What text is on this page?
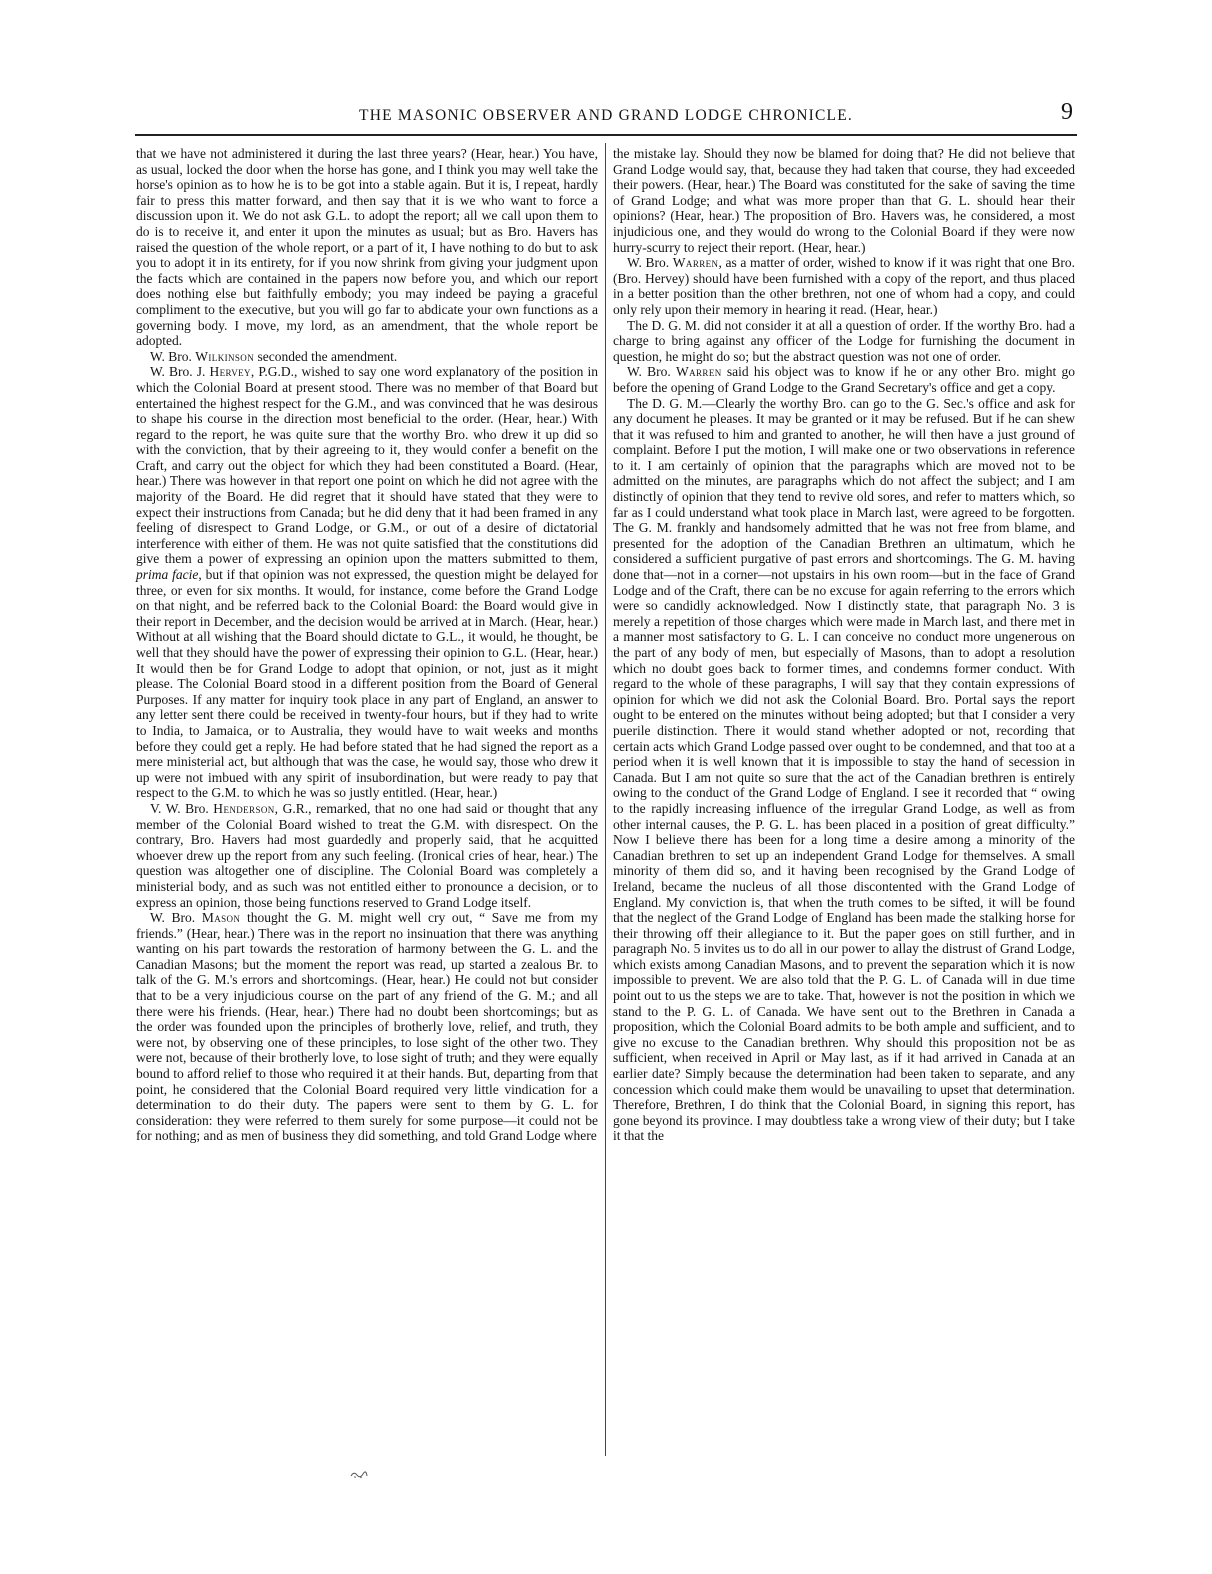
THE MASONIC OBSERVER AND GRAND LODGE CHRONICLE.	9

that we have not administered it during the last three years? (Hear, hear.) You have, as usual, locked the door when the horse has gone, and I think you may well take the horse's opinion as to how he is to be got into a stable again. But it is, I repeat, hardly fair to press this matter forward, and then say that it is we who want to force a discussion upon it. We do not ask G.L. to adopt the report; all we call upon them to do is to receive it, and enter it upon the minutes as usual; but as Bro. Havers has raised the question of the whole report, or a part of it, I have nothing to do but to ask you to adopt it in its entirety, for if you now shrink from giving your judgment upon the facts which are contained in the papers now before you, and which our report does nothing else but faithfully embody; you may indeed be paying a graceful compliment to the executive, but you will go far to abdicate your own functions as a governing body. I move, my lord, as an amendment, that the whole report be adopted.

W. Bro. Wilkinson seconded the amendment.

W. Bro. J. Hervey, P.G.D., wished to say one word explanatory of the position in which the Colonial Board at present stood. There was no member of that Board but entertained the highest respect for the G.M., and was convinced that he was desirous to shape his course in the direction most beneficial to the order. (Hear, hear.) With regard to the report, he was quite sure that the worthy Bro. who drew it up did so with the conviction, that by their agreeing to it, they would confer a benefit on the Craft, and carry out the object for which they had been constituted a Board. (Hear, hear.) There was however in that report one point on which he did not agree with the majority of the Board. He did regret that it should have stated that they were to expect their instructions from Canada; but he did deny that it had been framed in any feeling of disrespect to Grand Lodge, or G.M., or out of a desire of dictatorial interference with either of them. He was not quite satisfied that the constitutions did give them a power of expressing an opinion upon the matters submitted to them, prima facie, but if that opinion was not expressed, the question might be delayed for three, or even for six months. It would, for instance, come before the Grand Lodge on that night, and be referred back to the Colonial Board: the Board would give in their report in December, and the decision would be arrived at in March. (Hear, hear.) Without at all wishing that the Board should dictate to G.L., it would, he thought, be well that they should have the power of expressing their opinion to G.L. (Hear, hear.) It would then be for Grand Lodge to adopt that opinion, or not, just as it might please. The Colonial Board stood in a different position from the Board of General Purposes. If any matter for inquiry took place in any part of England, an answer to any letter sent there could be received in twenty-four hours, but if they had to write to India, to Jamaica, or to Australia, they would have to wait weeks and months before they could get a reply. He had before stated that he had signed the report as a mere ministerial act, but although that was the case, he would say, those who drew it up were not imbued with any spirit of insubordination, but were ready to pay that respect to the G.M. to which he was so justly entitled. (Hear, hear.)

V. W. Bro. Henderson, G.R., remarked, that no one had said or thought that any member of the Colonial Board wished to treat the G.M. with disrespect. On the contrary, Bro. Havers had most guardedly and properly said, that he acquitted whoever drew up the report from any such feeling. (Ironical cries of hear, hear.) The question was altogether one of discipline. The Colonial Board was completely a ministerial body, and as such was not entitled either to pronounce a decision, or to express an opinion, those being functions reserved to Grand Lodge itself.

W. Bro. Mason thought the G. M. might well cry out, “ Save me from my friends.” (Hear, hear.) There was in the report no insinuation that there was anything wanting on his part towards the restoration of harmony between the G. L. and the Canadian Masons; but the moment the report was read, up started a zealous Br. to talk of the G. M.'s errors and shortcomings. (Hear, hear.) He could not but consider that to be a very injudicious course on the part of any friend of the G. M.; and all there were his friends. (Hear, hear.) There had no doubt been shortcomings; but as the order was founded upon the principles of brotherly love, relief, and truth, they were not, by observing one of these principles, to lose sight of the other two. They were not, because of their brotherly love, to lose sight of truth; and they were equally bound to afford relief to those who required it at their hands. But, departing from that point, he considered that the Colonial Board required very little vindication for a determination to do their duty. The papers were sent to them by G. L. for consideration: they were referred to them surely for some purpose—it could not be for nothing; and as men of business they did something, and told Grand Lodge where

the mistake lay. Should they now be blamed for doing that? He did not believe that Grand Lodge would say, that, because they had taken that course, they had exceeded their powers. (Hear, hear.) The Board was constituted for the sake of saving the time of Grand Lodge; and what was more proper than that G. L. should hear their opinions? (Hear, hear.) The proposition of Bro. Havers was, he considered, a most injudicious one, and they would do wrong to the Colonial Board if they were now hurry-scurry to reject their report. (Hear, hear.)

W. Bro. Warren, as a matter of order, wished to know if it was right that one Bro. (Bro. Hervey) should have been furnished with a copy of the report, and thus placed in a better position than the other brethren, not one of whom had a copy, and could only rely upon their memory in hearing it read. (Hear, hear.)

The D. G. M. did not consider it at all a question of order. If the worthy Bro. had a charge to bring against any officer of the Lodge for furnishing the document in question, he might do so; but the abstract question was not one of order.

W. Bro. Warren said his object was to know if he or any other Bro. might go before the opening of Grand Lodge to the Grand Secretary's office and get a copy.

The D. G. M.—Clearly the worthy Bro. can go to the G. Sec.'s office and ask for any document he pleases. It may be granted or it may be refused. But if he can shew that it was refused to him and granted to another, he will then have a just ground of complaint. Before I put the motion, I will make one or two observations in reference to it. I am certainly of opinion that the paragraphs which are moved not to be admitted on the minutes, are paragraphs which do not affect the subject; and I am distinctly of opinion that they tend to revive old sores, and refer to matters which, so far as I could understand what took place in March last, were agreed to be forgotten. The G. M. frankly and handsomely admitted that he was not free from blame, and presented for the adoption of the Canadian Brethren an ultimatum, which he considered a sufficient purgative of past errors and shortcomings. The G. M. having done that—not in a corner—not upstairs in his own room—but in the face of Grand Lodge and of the Craft, there can be no excuse for again referring to the errors which were so candidly acknowledged. Now I distinctly state, that paragraph No. 3 is merely a repetition of those charges which were made in March last, and there met in a manner most satisfactory to G. L. I can conceive no conduct more ungenerous on the part of any body of men, but especially of Masons, than to adopt a resolution which no doubt goes back to former times, and condemns former conduct. With regard to the whole of these paragraphs, I will say that they contain expressions of opinion for which we did not ask the Colonial Board. Bro. Portal says the report ought to be entered on the minutes without being adopted; but that I consider a very puerile distinction. There it would stand whether adopted or not, recording that certain acts which Grand Lodge passed over ought to be condemned, and that too at a period when it is well known that it is impossible to stay the hand of secession in Canada. But I am not quite so sure that the act of the Canadian brethren is entirely owing to the conduct of the Grand Lodge of England. I see it recorded that “ owing to the rapidly increasing influence of the irregular Grand Lodge, as well as from other internal causes, the P. G. L. has been placed in a position of great difficulty.” Now I believe there has been for a long time a desire among a minority of the Canadian brethren to set up an independent Grand Lodge for themselves. A small minority of them did so, and it having been recognised by the Grand Lodge of Ireland, became the nucleus of all those discontented with the Grand Lodge of England. My conviction is, that when the truth comes to be sifted, it will be found that the neglect of the Grand Lodge of England has been made the stalking horse for their throwing off their allegiance to it. But the paper goes on still further, and in paragraph No. 5 invites us to do all in our power to allay the distrust of Grand Lodge, which exists among Canadian Masons, and to prevent the separation which it is now impossible to prevent. We are also told that the P. G. L. of Canada will in due time point out to us the steps we are to take. That, however is not the position in which we stand to the P. G. L. of Canada. We have sent out to the Brethren in Canada a proposition, which the Colonial Board admits to be both ample and sufficient, and to give no excuse to the Canadian brethren. Why should this proposition not be as sufficient, when received in April or May last, as if it had arrived in Canada at an earlier date? Simply because the determination had been taken to separate, and any concession which could make them would be unavailing to upset that determination. Therefore, Brethren, I do think that the Colonial Board, in signing this report, has gone beyond its province. I may doubtless take a wrong view of their duty; but I take it that the
